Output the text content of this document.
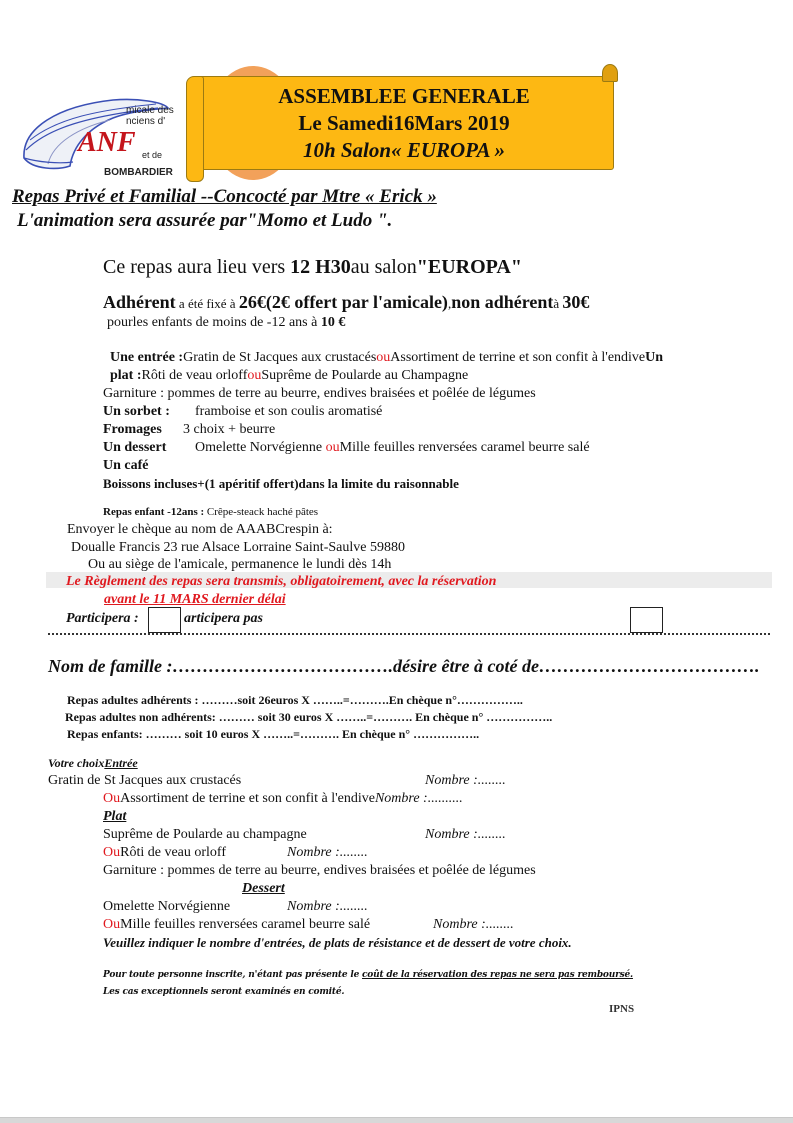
micale des
nciens d'
ANF et de
BOMBARDIER
ASSEMBLEE GENERALE
Le Samedi16Mars 2019
10h Salon« EUROPA »
Repas Privé et Familial --Concocté par Mtre « Erick »
L'animation sera assurée par"Momo et Ludo ".
Ce repas aura lieu vers 12 H30au salon"EUROPA"
Adhérent a été fixé à 26€(2€ offert par l'amicale),non adhérentà 30€
pourles enfants de moins de -12 ans à 10 €
Une entrée :Gratin de St Jacques aux crustacésouAssortiment de terrine et son confit à l'endiveUn
plat :Rôti de veau orloffouSuprême de Poularde au Champagne
Garniture : pommes de terre au beurre, endives braisées et poêlée de légumes
Un sorbet : framboise et son coulis aromatisé
Fromages 3 choix + beurre
Un dessert Omelette Norvégienne ouMille feuilles renversées caramel beurre salé
Un café
Boissons incluses+(1 apéritif offert)dans la limite du raisonnable
Repas enfant -12ans : Crêpe-steack haché pâtes
Envoyer le chèque au nom de AAABCrespin à:
Doualle Francis 23 rue Alsace Lorraine Saint-Saulve 59880
Ou au siège de l'amicale, permanence le lundi dès 14h
Le Règlement des repas sera transmis, obligatoirement, avec la réservation
avant le 11 MARS dernier délai
Participera :	articipera pas
Nom de famille :……………………………….désire être à coté de……………………………….
Repas adultes adhérents : ………soit 26euros X ……..=……….En chèque n°……………..
Repas adultes non adhérents: ……… soit 30 euros X ……..=………. En chèque n° ……………..
Repas enfants: ……… soit 10 euros X ……..=………. En chèque n° ……………..
Votre choixEntrée
Gratin de St Jacques aux crustacés	Nombre :........
OuAssortiment de terrine et son confit à l'endiveNombre :..........
Plat
Suprême de Poularde au champagne	Nombre :........
OuRôti de veau orloff	Nombre :........
Garniture : pommes de terre au beurre, endives braisées et poêlée de légumes
Dessert
Omelette Norvégienne	Nombre :........
OuMille feuilles renversées caramel beurre salé	Nombre :........
Veuillez indiquer le nombre d'entrées, de plats de résistance et de dessert de votre choix.
Pour toute personne inscrite, n'étant pas présente le coût de la réservation des repas ne sera pas remboursé.
Les cas exceptionnels seront examinés en comité.
IPNS
